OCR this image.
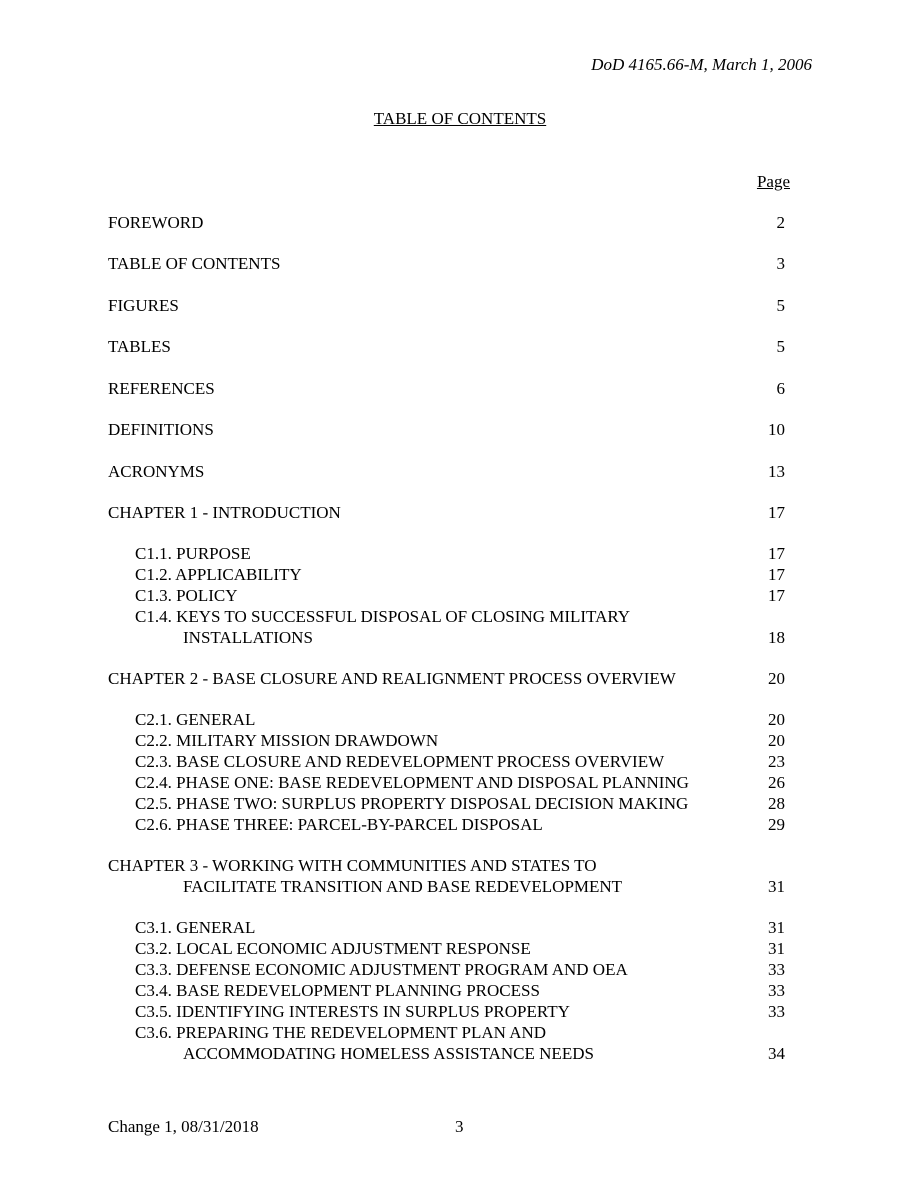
DoD 4165.66-M, March 1, 2006
TABLE OF CONTENTS
Page
FOREWORD	2
TABLE OF CONTENTS	3
FIGURES	5
TABLES	5
REFERENCES	6
DEFINITIONS	10
ACRONYMS	13
CHAPTER 1 - INTRODUCTION	17
C1.1. PURPOSE	17
C1.2. APPLICABILITY	17
C1.3. POLICY	17
C1.4. KEYS TO SUCCESSFUL DISPOSAL OF CLOSING MILITARY
INSTALLATIONS	18
CHAPTER 2 - BASE CLOSURE AND REALIGNMENT PROCESS OVERVIEW	20
C2.1. GENERAL	20
C2.2. MILITARY MISSION DRAWDOWN	20
C2.3. BASE CLOSURE AND REDEVELOPMENT PROCESS OVERVIEW	23
C2.4. PHASE ONE: BASE REDEVELOPMENT AND DISPOSAL PLANNING	26
C2.5. PHASE TWO: SURPLUS PROPERTY DISPOSAL DECISION MAKING	28
C2.6. PHASE THREE: PARCEL-BY-PARCEL DISPOSAL	29
CHAPTER 3 - WORKING WITH COMMUNITIES AND STATES TO
FACILITATE TRANSITION AND BASE REDEVELOPMENT	31
C3.1. GENERAL	31
C3.2. LOCAL ECONOMIC ADJUSTMENT RESPONSE	31
C3.3. DEFENSE ECONOMIC ADJUSTMENT PROGRAM AND OEA	33
C3.4. BASE REDEVELOPMENT PLANNING PROCESS	33
C3.5. IDENTIFYING INTERESTS IN SURPLUS PROPERTY	33
C3.6. PREPARING THE REDEVELOPMENT PLAN AND
ACCOMMODATING HOMELESS ASSISTANCE NEEDS	34
Change 1, 08/31/2018	3
